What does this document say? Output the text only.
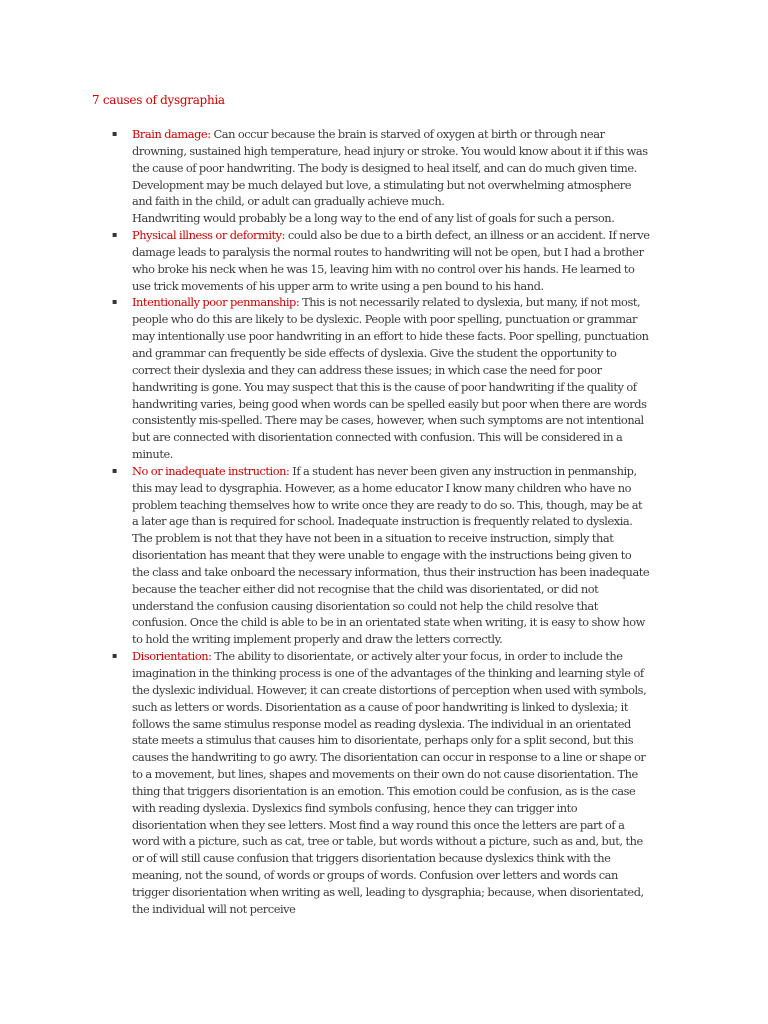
7 causes of dysgraphia
▪ Brain damage: Can occur because the brain is starved of oxygen at birth or through near drowning, sustained high temperature, head injury or stroke. You would know about it if this was the cause of poor handwriting. The body is designed to heal itself, and can do much given time. Development may be much delayed but love, a stimulating but not overwhelming atmosphere and faith in the child, or adult can gradually achieve much.
Handwriting would probably be a long way to the end of any list of goals for such a person.
▪ Physical illness or deformity: could also be due to a birth defect, an illness or an accident. If nerve damage leads to paralysis the normal routes to handwriting will not be open, but I had a brother who broke his neck when he was 15, leaving him with no control over his hands. He learned to use trick movements of his upper arm to write using a pen bound to his hand.
▪ Intentionally poor penmanship: This is not necessarily related to dyslexia, but many, if not most, people who do this are likely to be dyslexic. People with poor spelling, punctuation or grammar may intentionally use poor handwriting in an effort to hide these facts. Poor spelling, punctuation and grammar can frequently be side effects of dyslexia. Give the student the opportunity to correct their dyslexia and they can address these issues; in which case the need for poor handwriting is gone. You may suspect that this is the cause of poor handwriting if the quality of handwriting varies, being good when words can be spelled easily but poor when there are words consistently mis-spelled. There may be cases, however, when such symptoms are not intentional but are connected with disorientation connected with confusion. This will be considered in a minute.
▪ No or inadequate instruction: If a student has never been given any instruction in penmanship, this may lead to dysgraphia. However, as a home educator I know many children who have no problem teaching themselves how to write once they are ready to do so. This, though, may be at a later age than is required for school. Inadequate instruction is frequently related to dyslexia. The problem is not that they have not been in a situation to receive instruction, simply that disorientation has meant that they were unable to engage with the instructions being given to the class and take onboard the necessary information, thus their instruction has been inadequate because the teacher either did not recognise that the child was disorientated, or did not understand the confusion causing disorientation so could not help the child resolve that confusion. Once the child is able to be in an orientated state when writing, it is easy to show how to hold the writing implement properly and draw the letters correctly.
▪ Disorientation: The ability to disorientate, or actively alter your focus, in order to include the imagination in the thinking process is one of the advantages of the thinking and learning style of the dyslexic individual. However, it can create distortions of perception when used with symbols, such as letters or words. Disorientation as a cause of poor handwriting is linked to dyslexia; it follows the same stimulus response model as reading dyslexia. The individual in an orientated state meets a stimulus that causes him to disorientate, perhaps only for a split second, but this causes the handwriting to go awry. The disorientation can occur in response to a line or shape or to a movement, but lines, shapes and movements on their own do not cause disorientation. The thing that triggers disorientation is an emotion. This emotion could be confusion, as is the case with reading dyslexia. Dyslexics find symbols confusing, hence they can trigger into disorientation when they see letters. Most find a way round this once the letters are part of a word with a picture, such as cat, tree or table, but words without a picture, such as and, but, the or of will still cause confusion that triggers disorientation because dyslexics think with the meaning, not the sound, of words or groups of words. Confusion over letters and words can trigger disorientation when writing as well, leading to dysgraphia; because, when disorientated, the individual will not perceive
